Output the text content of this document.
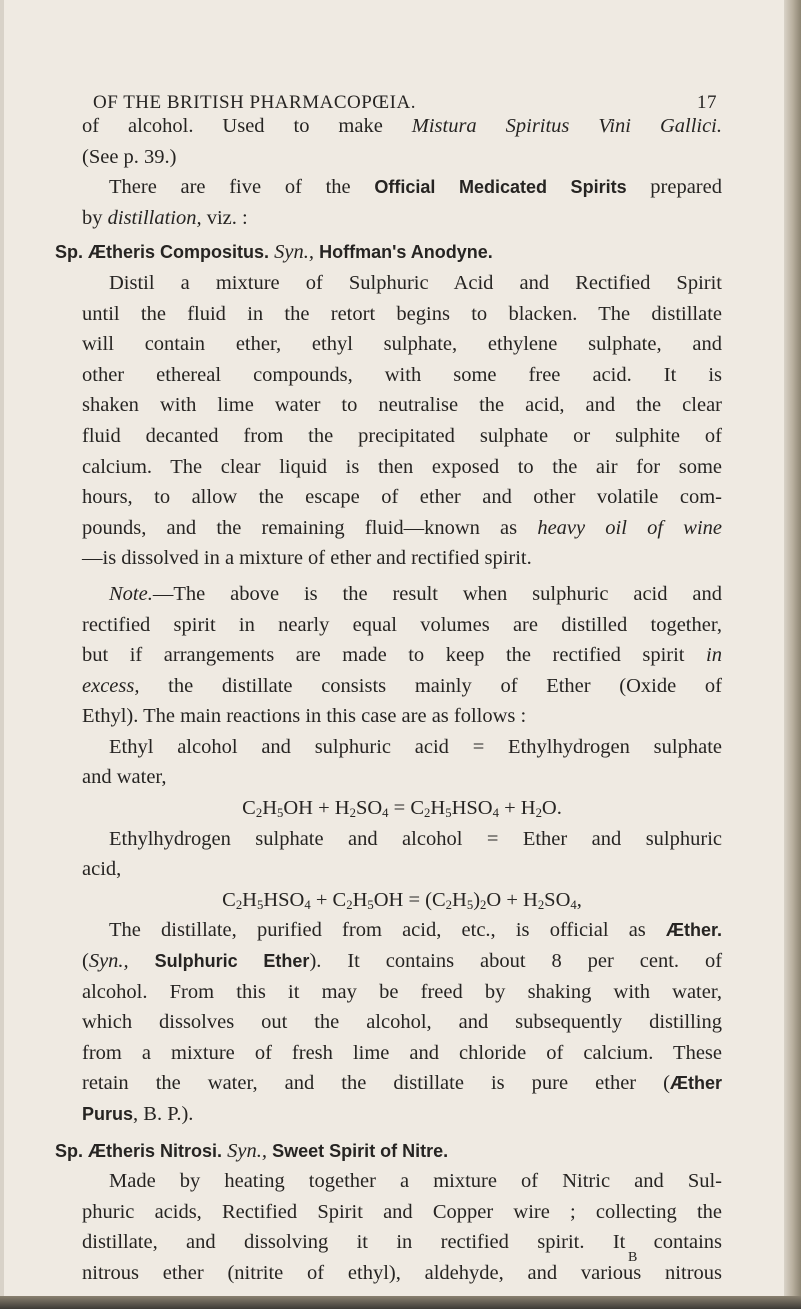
OF THE BRITISH PHARMACOPŒIA.	17
of alcohol. Used to make Mistura Spiritus Vini Gallici.
(See p. 39.)
There are five of the Official Medicated Spirits prepared
by distillation, viz. :
Sp. Ætheris Compositus. Syn., Hoffman's Anodyne.
Distil a mixture of Sulphuric Acid and Rectified Spirit
until the fluid in the retort begins to blacken. The distillate
will contain ether, ethyl sulphate, ethylene sulphate, and
other ethereal compounds, with some free acid. It is
shaken with lime water to neutralise the acid, and the clear
fluid decanted from the precipitated sulphate or sulphite of
calcium. The clear liquid is then exposed to the air for some
hours, to allow the escape of ether and other volatile com-
pounds, and the remaining fluid—known as heavy oil of wine
—is dissolved in a mixture of ether and rectified spirit.
Note.—The above is the result when sulphuric acid and
rectified spirit in nearly equal volumes are distilled together,
but if arrangements are made to keep the rectified spirit in
excess, the distillate consists mainly of Ether (Oxide of
Ethyl). The main reactions in this case are as follows :
Ethyl alcohol and sulphuric acid = Ethylhydrogen sulphate
and water,
$C_2H_5OH + H_2SO_4 = C_2H_5HSO_4 + H_2O$.
Ethylhydrogen sulphate and alcohol = Ether and sulphuric
acid,
$C_2H_5HSO_4 + C_2H_5OH = (C_2H_5)_2O + H_2SO_4$,
The distillate, purified from acid, etc., is official as Æther.
(Syn., Sulphuric Ether). It contains about 8 per cent. of
alcohol. From this it may be freed by shaking with water,
which dissolves out the alcohol, and subsequently distilling
from a mixture of fresh lime and chloride of calcium. These
retain the water, and the distillate is pure ether (Æther
Purus, B. P.).
Sp. Ætheris Nitrosi. Syn., Sweet Spirit of Nitre.
Made by heating together a mixture of Nitric and Sul-
phuric acids, Rectified Spirit and Copper wire ; collecting the
distillate, and dissolving it in rectified spirit. It contains
nitrous ether (nitrite of ethyl), aldehyde, and various nitrous
B
